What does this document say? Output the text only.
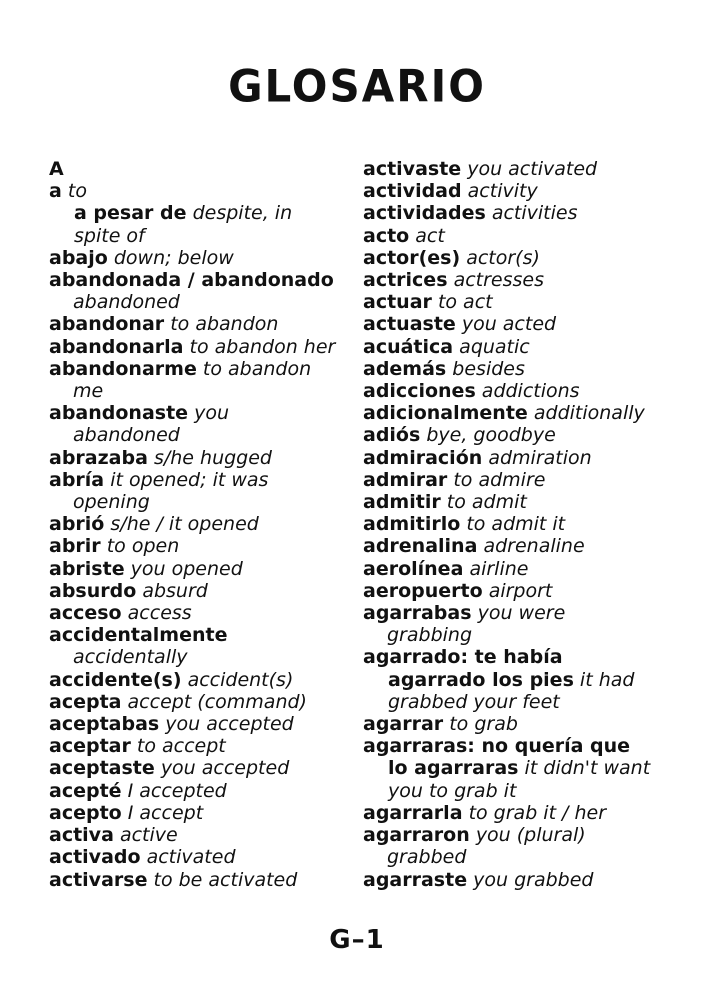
GLOSARIO
A
a to
a pesar de despite, in
spite of
abajo down; below
abandonada / abandonado
abandoned
abandonar to abandon
abandonarla to abandon her
abandonarme to abandon
me
abandonaste you
abandoned
abrazaba s/he hugged
abría it opened; it was
opening
abrió s/he / it opened
abrir to open
abriste you opened
absurdo absurd
acceso access
accidentalmente
accidentally
accidente(s) accident(s)
acepta accept (command)
aceptabas you accepted
aceptar to accept
aceptaste you accepted
acepté I accepted
acepto I accept
activa active
activado activated
activarse to be activated
activaste you activated
actividad activity
actividades activities
acto act
actor(es) actor(s)
actrices actresses
actuar to act
actuaste you acted
acuática aquatic
además besides
adicciones addictions
adicionalmente additionally
adiós bye, goodbye
admiración admiration
admirar to admire
admitir to admit
admitirlo to admit it
adrenalina adrenaline
aerolínea airline
aeropuerto airport
agarrabas you were
grabbing
agarrado: te había
agarrado los pies it had
grabbed your feet
agarrar to grab
agarraras: no quería que
lo agarraras it didn't want
you to grab it
agarrarla to grab it / her
agarraron you (plural)
grabbed
agarraste you grabbed
G–1
